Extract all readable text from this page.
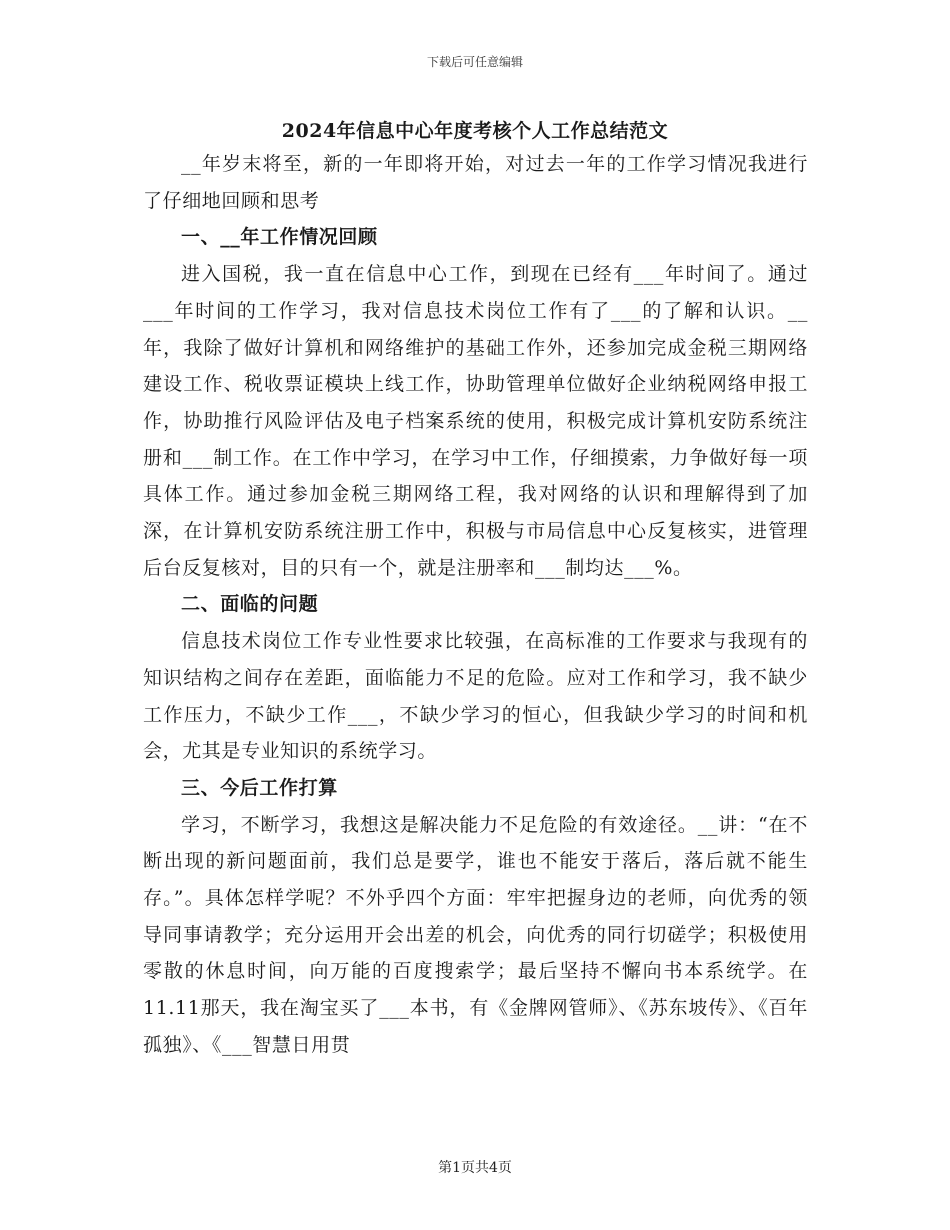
下载后可任意编辑
2024年信息中心年度考核个人工作总结范文

__年岁末将至，新的一年即将开始，对过去一年的工作学习情况我进行了仔细地回顾和思考

一、__年工作情况回顾

进入国税，我一直在信息中心工作，到现在已经有___年时间了。通过___年时间的工作学习，我对信息技术岗位工作有了___的了解和认识。__年，我除了做好计算机和网络维护的基础工作外，还参加完成金税三期网络建设工作、税收票证模块上线工作，协助管理单位做好企业纳税网络申报工作，协助推行风险评估及电子档案系统的使用，积极完成计算机安防系统注册和___制工作。在工作中学习，在学习中工作，仔细摸索，力争做好每一项具体工作。通过参加金税三期网络工程，我对网络的认识和理解得到了加深，在计算机安防系统注册工作中，积极与市局信息中心反复核实，进管理后台反复核对，目的只有一个，就是注册率和___制均达___%。

二、面临的问题

信息技术岗位工作专业性要求比较强，在高标准的工作要求与我现有的知识结构之间存在差距，面临能力不足的危险。应对工作和学习，我不缺少工作压力，不缺少工作___，不缺少学习的恒心，但我缺少学习的时间和机会，尤其是专业知识的系统学习。

三、今后工作打算

学习，不断学习，我想这是解决能力不足危险的有效途径。__讲：“在不断出现的新问题面前，我们总是要学，谁也不能安于落后，落后就不能生存。”。具体怎样学呢？不外乎四个方面：牢牢把握身边的老师，向优秀的领导同事请教学；充分运用开会出差的机会，向优秀的同行切磋学；积极使用零散的休息时间，向万能的百度搜索学；最后坚持不懈向书本系统学。在11.11那天，我在淘宝买了___本书，有《金牌网管师》、《苏东坡传》、《百年孤独》、《___智慧日用贯

第1页共4页
